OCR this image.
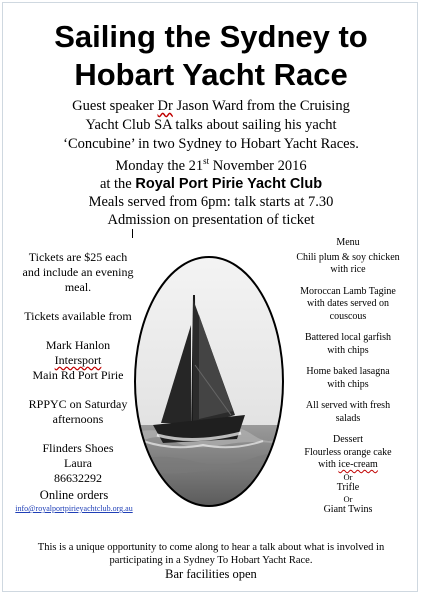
Sailing the Sydney to
Hobart Yacht Race
Guest speaker Dr Jason Ward from the Cruising
Yacht Club SA talks about sailing his yacht
‘Concubine’ in two Sydney to Hobart Yacht Races.
Monday the 21st November 2016
at the Royal Port Pirie Yacht Club
Meals served from 6pm: talk starts at 7.30
Admission on presentation of ticket
Tickets are $25 each
and include an evening
meal.
Tickets available from
Mark Hanlon
Intersport
Main Rd Port Pirie
RPPYC on Saturday
afternoons
Flinders Shoes
Laura
86632292
Online orders
info@royalportpirieyachtclub.org.au
Menu
Chili plum & soy chicken
with rice
Moroccan Lamb Tagine
with dates served on
couscous
Battered local garfish
with chips
Home baked lasagna
with chips
All served with fresh
salads
Dessert
Flourless orange cake
with ice-cream
Or
Trifle
Or
Giant Twins
This is a unique opportunity to come along to hear a talk about what is involved in
participating in a Sydney To Hobart Yacht Race.
Bar facilities open
